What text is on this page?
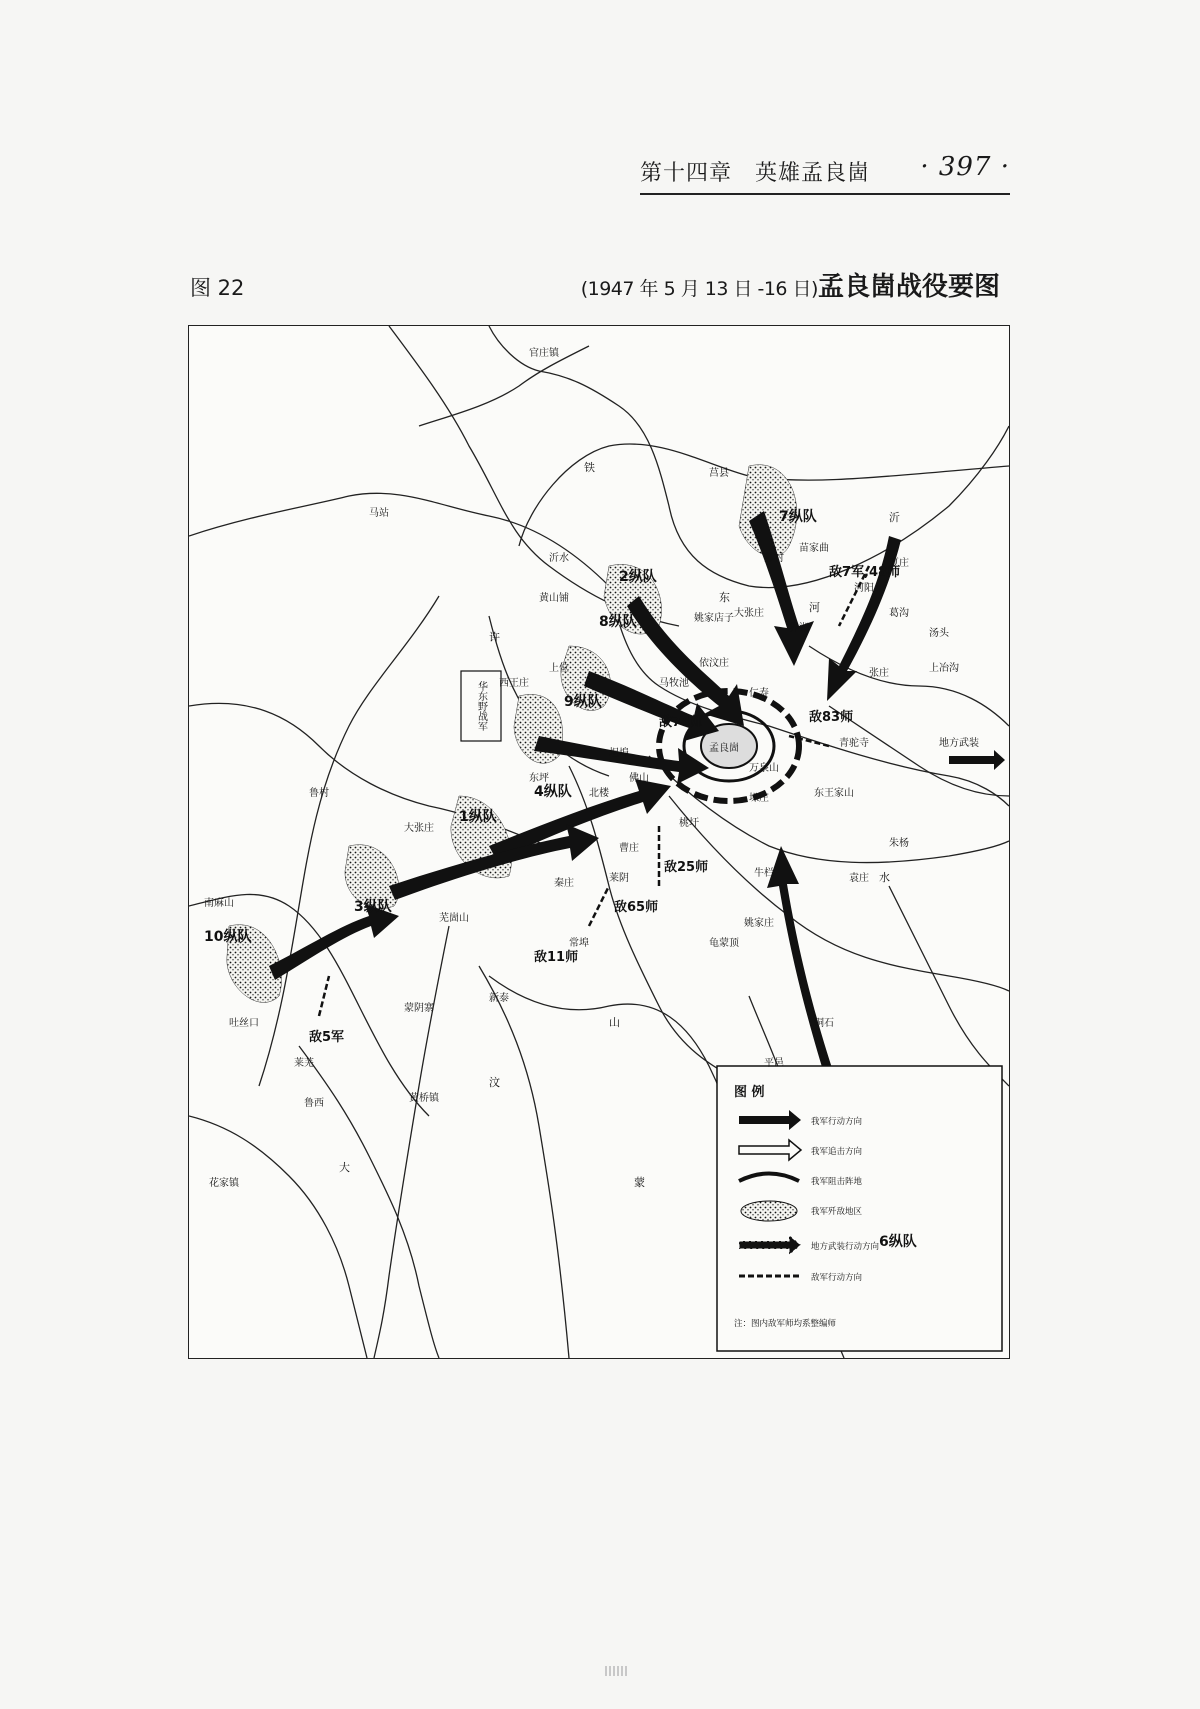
第十四章　英雄孟良崮 · 397 ·
图 22	(1947 年 5 月 13 日 -16 日)孟良崮战役要图
图 例
我军行动方向
我军追击方向
我军阻击阵地
我军歼敌地区
地方武装行动方向
敌军行动方向
注：图内敌军师均系整编师
华东野战军
官庄镇
马站
沂水
莒县
黄山铺
西王庄
上位
马牧池
依汶庄
仁寿
苏村
苗家曲
大张庄
界湖
姚家店子
夏庄
河阳
葛沟
汤头
上冶沟
张庄
青驼寺
孟良崮
万泉山
垛庄	东王家山
坦埠
佛山
北楼
东坪
鲁村
大张庄
曹庄
秦庄	莱阴
桃圩
牛栏
常埠
芜崮山
蒙阴寨
新泰
吐丝口
莱芜
鲁西	黄桥镇
花家镇
南麻山
龟蒙顶
姚家庄
铜石
平邑
袁庄
朱杨
地方武装
2纵队
7纵队
8纵队
9纵队
4纵队
1纵队
3纵队
10纵队
6纵队
敌5军
敌7军,48师
敌11师
敌25师
敌65师
敌74师	敌83师
铁
东
河
沂
许
水
汶
大
山
蒙
